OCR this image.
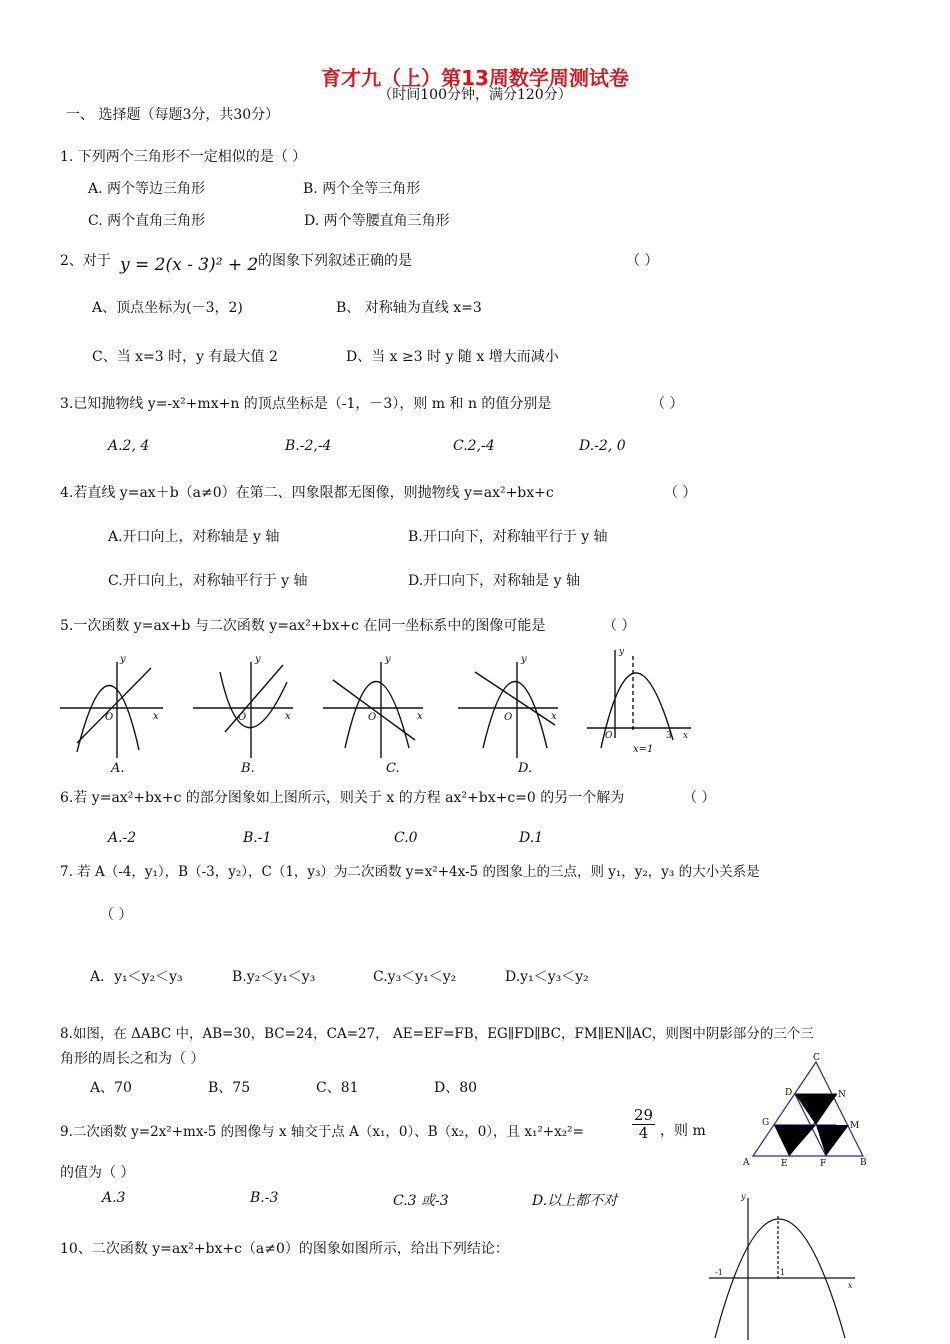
育才九（上）第13周数学周测试卷
（时间100分钟，满分120分）
一、 选择题（每题3分，共30分）
1. 下列两个三角形不一定相似的是（ ）
A. 两个等边三角形	B. 两个全等三角形
C. 两个直角三角形	D. 两个等腰直角三角形
2、对于 y = 2(x - 3)² + 2 的图象下列叙述正确的是	（ ）
A、顶点坐标为(－3，2)	B、 对称轴为直线 x=3
C、当 x=3 时，y 有最大值 2	D、当 x ≥3 时 y 随 x 增大而减小
3.已知抛物线 y=-x²+mx+n 的顶点坐标是（-1，－3），则 m 和 n 的值分别是	（ ）
A.2, 4	B.-2,-4	C.2,-4	D.-2, 0
4.若直线 y=ax＋b（a≠0）在第二、四象限都无图像，则抛物线 y=ax²+bx+c	（ ）
A.开口向上，对称轴是 y 轴	B.开口向下，对称轴平行于 y 轴
C.开口向上，对称轴平行于 y 轴	D.开口向下，对称轴是 y 轴
5.一次函数 y=ax+b 与二次函数 y=ax²+bx+c 在同一坐标系中的图像可能是	（ ）
y
x
O
y
x
O
y
x
O
y
x
O
y
x
O
x=1
3
A.	B.	C.	D.
6.若 y=ax²+bx+c 的部分图象如上图所示，则关于 x 的方程 ax²+bx+c=0 的另一个解为	（ ）
A.-2	B.-1	C.0	D.1
7. 若 A（-4，y₁），B（-3，y₂），C（1，y₃）为二次函数 y=x²+4x-5 的图象上的三点，则 y₁，y₂，y₃ 的大小关系是
（ ）
A．y₁＜y₂＜y₃	B.y₂＜y₁＜y₃	C.y₃＜y₁＜y₂	D.y₁＜y₃＜y₂
8.如图，在 ΔABC 中，AB=30，BC=24，CA=27， AE=EF=FB，EG∥FD∥BC，FM∥EN∥AC，则图中阴影部分的三个三
角形的周长之和为（ ）
A、70	B、75	C、81	D、80
C
D	N
G	M
A	E	F	B
9.二次函数 y=2x²+mx-5 的图像与 x 轴交于点 A（x₁，0）、B（x₂，0），且 x₁²+x₂²=	$\frac{29}{4}$ ，则 m
的值为（ ）
A.3	B.-3	C.3 或-3	D.以上都不对
10、二次函数 y=ax²+bx+c（a≠0）的图象如图所示，给出下列结论：
y
x
-1	1
